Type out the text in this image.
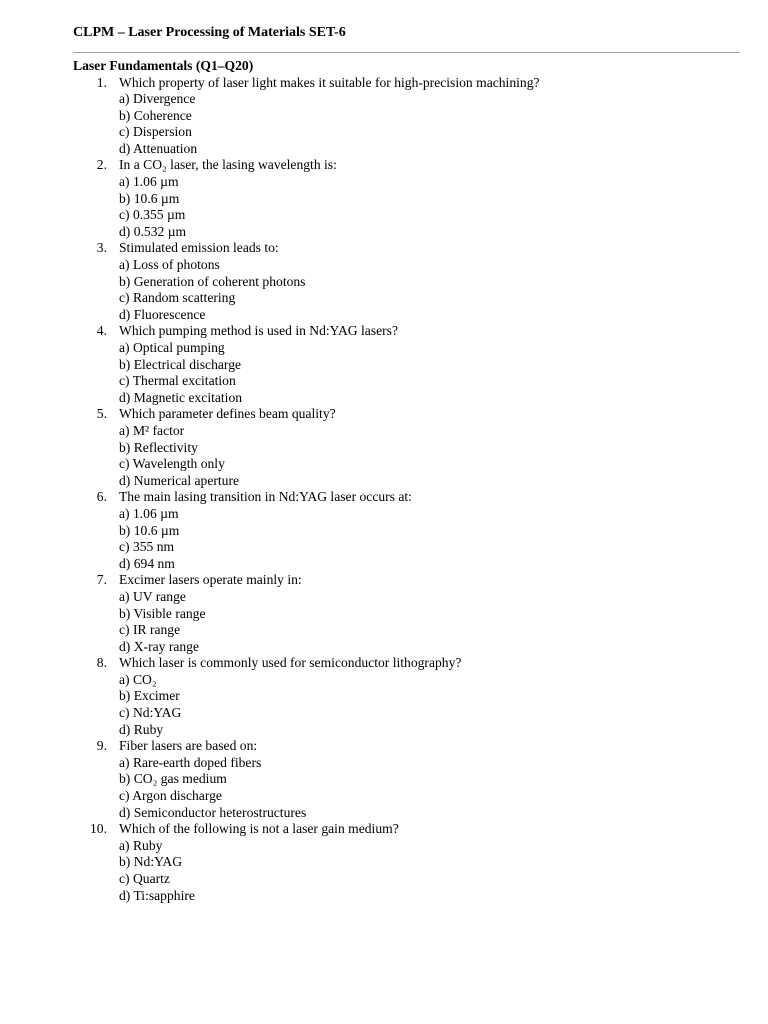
CLPM – Laser Processing of Materials SET-6
Laser Fundamentals (Q1–Q20)
1. Which property of laser light makes it suitable for high-precision machining?
a) Divergence
b) Coherence
c) Dispersion
d) Attenuation
2. In a CO₂ laser, the lasing wavelength is:
a) 1.06 µm
b) 10.6 µm
c) 0.355 µm
d) 0.532 µm
3. Stimulated emission leads to:
a) Loss of photons
b) Generation of coherent photons
c) Random scattering
d) Fluorescence
4. Which pumping method is used in Nd:YAG lasers?
a) Optical pumping
b) Electrical discharge
c) Thermal excitation
d) Magnetic excitation
5. Which parameter defines beam quality?
a) M² factor
b) Reflectivity
c) Wavelength only
d) Numerical aperture
6. The main lasing transition in Nd:YAG laser occurs at:
a) 1.06 µm
b) 10.6 µm
c) 355 nm
d) 694 nm
7. Excimer lasers operate mainly in:
a) UV range
b) Visible range
c) IR range
d) X-ray range
8. Which laser is commonly used for semiconductor lithography?
a) CO₂
b) Excimer
c) Nd:YAG
d) Ruby
9. Fiber lasers are based on:
a) Rare-earth doped fibers
b) CO₂ gas medium
c) Argon discharge
d) Semiconductor heterostructures
10. Which of the following is not a laser gain medium?
a) Ruby
b) Nd:YAG
c) Quartz
d) Ti:sapphire
